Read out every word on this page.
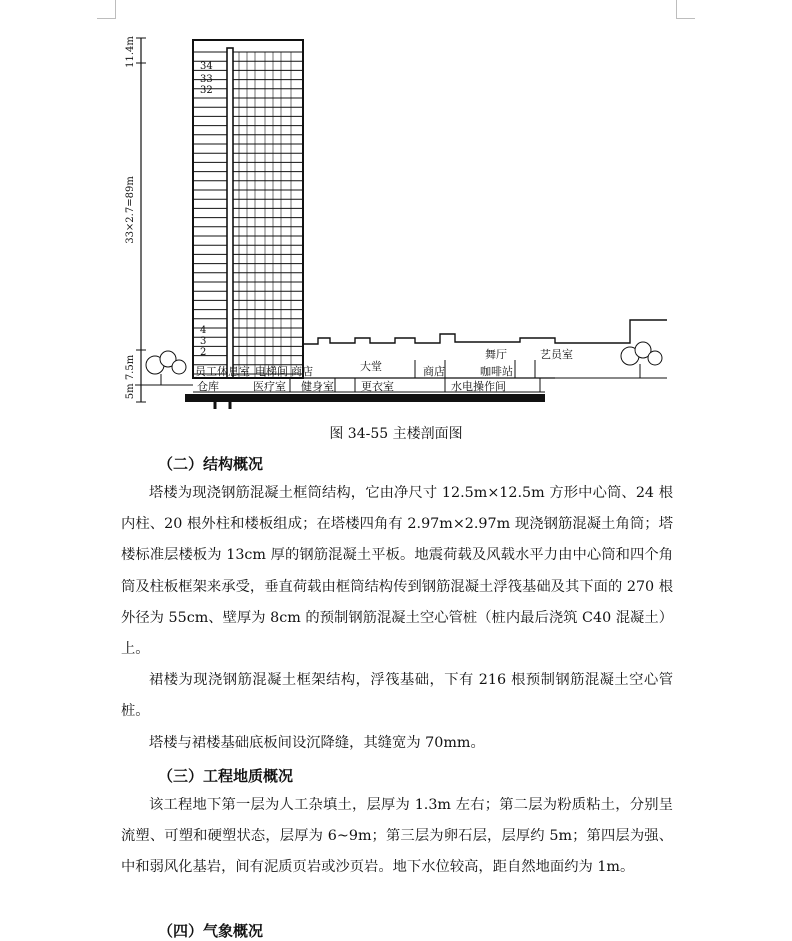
11.4m
33×2.7=89m
5m 7.5m
34
33
32
4
3
2
员工休息室 电梯间 商店	大堂	商店
舞厅
咖啡站
艺员室
仓库	医疗室 健身室 更衣室	水电操作间
图 34-55 主楼剖面图
（二）结构概况

塔楼为现浇钢筋混凝土框筒结构，它由净尺寸 12.5m×12.5m 方形中心筒、24 根内柱、20 根外柱和楼板组成；在塔楼四角有 2.97m×2.97m 现浇钢筋混凝土角筒；塔楼标准层楼板为 13cm 厚的钢筋混凝土平板。地震荷载及风载水平力由中心筒和四个角筒及柱板框架来承受，垂直荷载由框筒结构传到钢筋混凝土浮筏基础及其下面的 270 根外径为 55cm、壁厚为 8cm 的预制钢筋混凝土空心管桩（桩内最后浇筑 C40 混凝土）上。

裙楼为现浇钢筋混凝土框架结构，浮筏基础，下有 216 根预制钢筋混凝土空心管桩。

塔楼与裙楼基础底板间设沉降缝，其缝宽为 70mm。

（三）工程地质概况

该工程地下第一层为人工杂填土，层厚为 1.3m 左右；第二层为粉质粘土，分别呈流塑、可塑和硬塑状态，层厚为 6~9m；第三层为卵石层，层厚约 5m；第四层为强、中和弱风化基岩，间有泥质页岩或沙页岩。地下水位较高，距自然地面约为 1m。

（四）气象概况
